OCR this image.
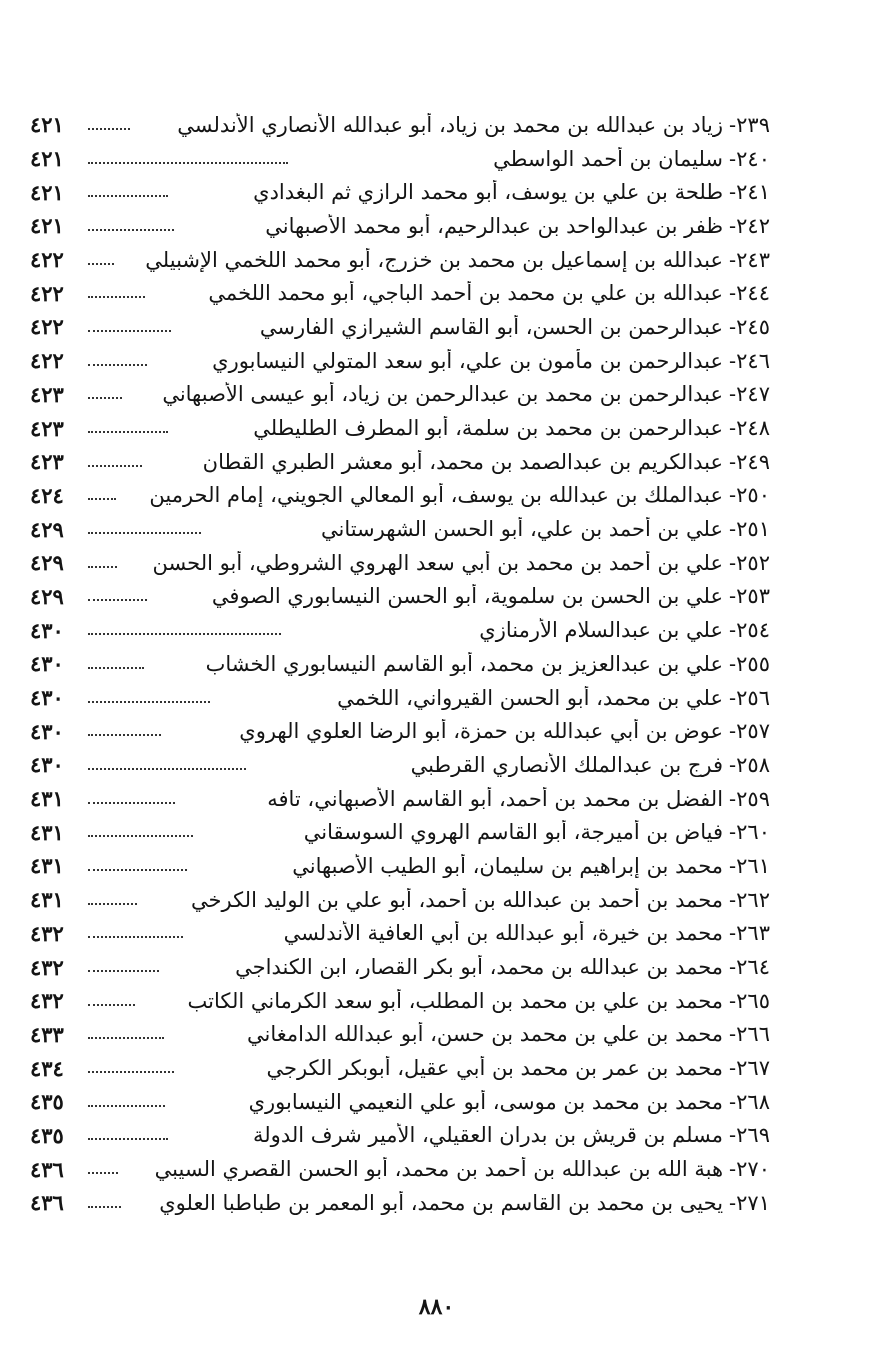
٢٣٩
-
زياد بن عبدالله بن محمد بن زياد، أبو عبدالله الأنصاري الأندلسي
٤٢١
٢٤٠
-
سليمان بن أحمد الواسطي
٤٢١
٢٤١
-
طلحة بن علي بن يوسف، أبو محمد الرازي ثم البغدادي
٤٢١
٢٤٢
-
ظفر بن عبدالواحد بن عبدالرحيم، أبو محمد الأصبهاني
٤٢١
٢٤٣
-
عبدالله بن إسماعيل بن محمد بن خزرج، أبو محمد اللخمي الإشبيلي
٤٢٢
٢٤٤
-
عبدالله بن علي بن محمد بن أحمد الباجي، أبو محمد اللخمي
٤٢٢
٢٤٥
-
عبدالرحمن بن الحسن، أبو القاسم الشيرازي الفارسي
٤٢٢
٢٤٦
-
عبدالرحمن بن مأمون بن علي، أبو سعد المتولي النيسابوري
٤٢٢
٢٤٧
-
عبدالرحمن بن محمد بن عبدالرحمن بن زياد، أبو عيسى الأصبهاني
٤٢٣
٢٤٨
-
عبدالرحمن بن محمد بن سلمة، أبو المطرف الطليطلي
٤٢٣
٢٤٩
-
عبدالكريم بن عبدالصمد بن محمد، أبو معشر الطبري القطان
٤٢٣
٢٥٠
-
عبدالملك بن عبدالله بن يوسف، أبو المعالي الجويني، إمام الحرمين
٤٢٤
٢٥١
-
علي بن أحمد بن علي، أبو الحسن الشهرستاني
٤٢٩
٢٥٢
-
علي بن أحمد بن محمد بن أبي سعد الهروي الشروطي، أبو الحسن
٤٢٩
٢٥٣
-
علي بن الحسن بن سلموية، أبو الحسن النيسابوري الصوفي
٤٢٩
٢٥٤
-
علي بن عبدالسلام الأرمنازي
٤٣٠
٢٥٥
-
علي بن عبدالعزيز بن محمد، أبو القاسم النيسابوري الخشاب
٤٣٠
٢٥٦
-
علي بن محمد، أبو الحسن القيرواني، اللخمي
٤٣٠
٢٥٧
-
عوض بن أبي عبدالله بن حمزة، أبو الرضا العلوي الهروي
٤٣٠
٢٥٨
-
فرج بن عبدالملك الأنصاري القرطبي
٤٣٠
٢٥٩
-
الفضل بن محمد بن أحمد، أبو القاسم الأصبهاني، تافه
٤٣١
٢٦٠
-
فياض بن أميرجة، أبو القاسم الهروي السوسقاني
٤٣١
٢٦١
-
محمد بن إبراهيم بن سليمان، أبو الطيب الأصبهاني
٤٣١
٢٦٢
-
محمد بن أحمد بن عبدالله بن أحمد، أبو علي بن الوليد الكرخي
٤٣١
٢٦٣
-
محمد بن خيرة، أبو عبدالله بن أبي العافية الأندلسي
٤٣٢
٢٦٤
-
محمد بن عبدالله بن محمد، أبو بكر القصار، ابن الكنداجي
٤٣٢
٢٦٥
-
محمد بن علي بن محمد بن المطلب، أبو سعد الكرماني الكاتب
٤٣٢
٢٦٦
-
محمد بن علي بن محمد بن حسن، أبو عبدالله الدامغاني
٤٣٣
٢٦٧
-
محمد بن عمر بن محمد بن أبي عقيل، أبوبكر الكرجي
٤٣٤
٢٦٨
-
محمد بن محمد بن موسى، أبو علي النعيمي النيسابوري
٤٣٥
٢٦٩
-
مسلم بن قريش بن بدران العقيلي، الأمير شرف الدولة
٤٣٥
٢٧٠
-
هبة الله بن عبدالله بن أحمد بن محمد، أبو الحسن القصري السيبي
٤٣٦
٢٧١
-
يحيى بن محمد بن القاسم بن محمد، أبو المعمر بن طباطبا العلوي
٤٣٦
٨٨٠
